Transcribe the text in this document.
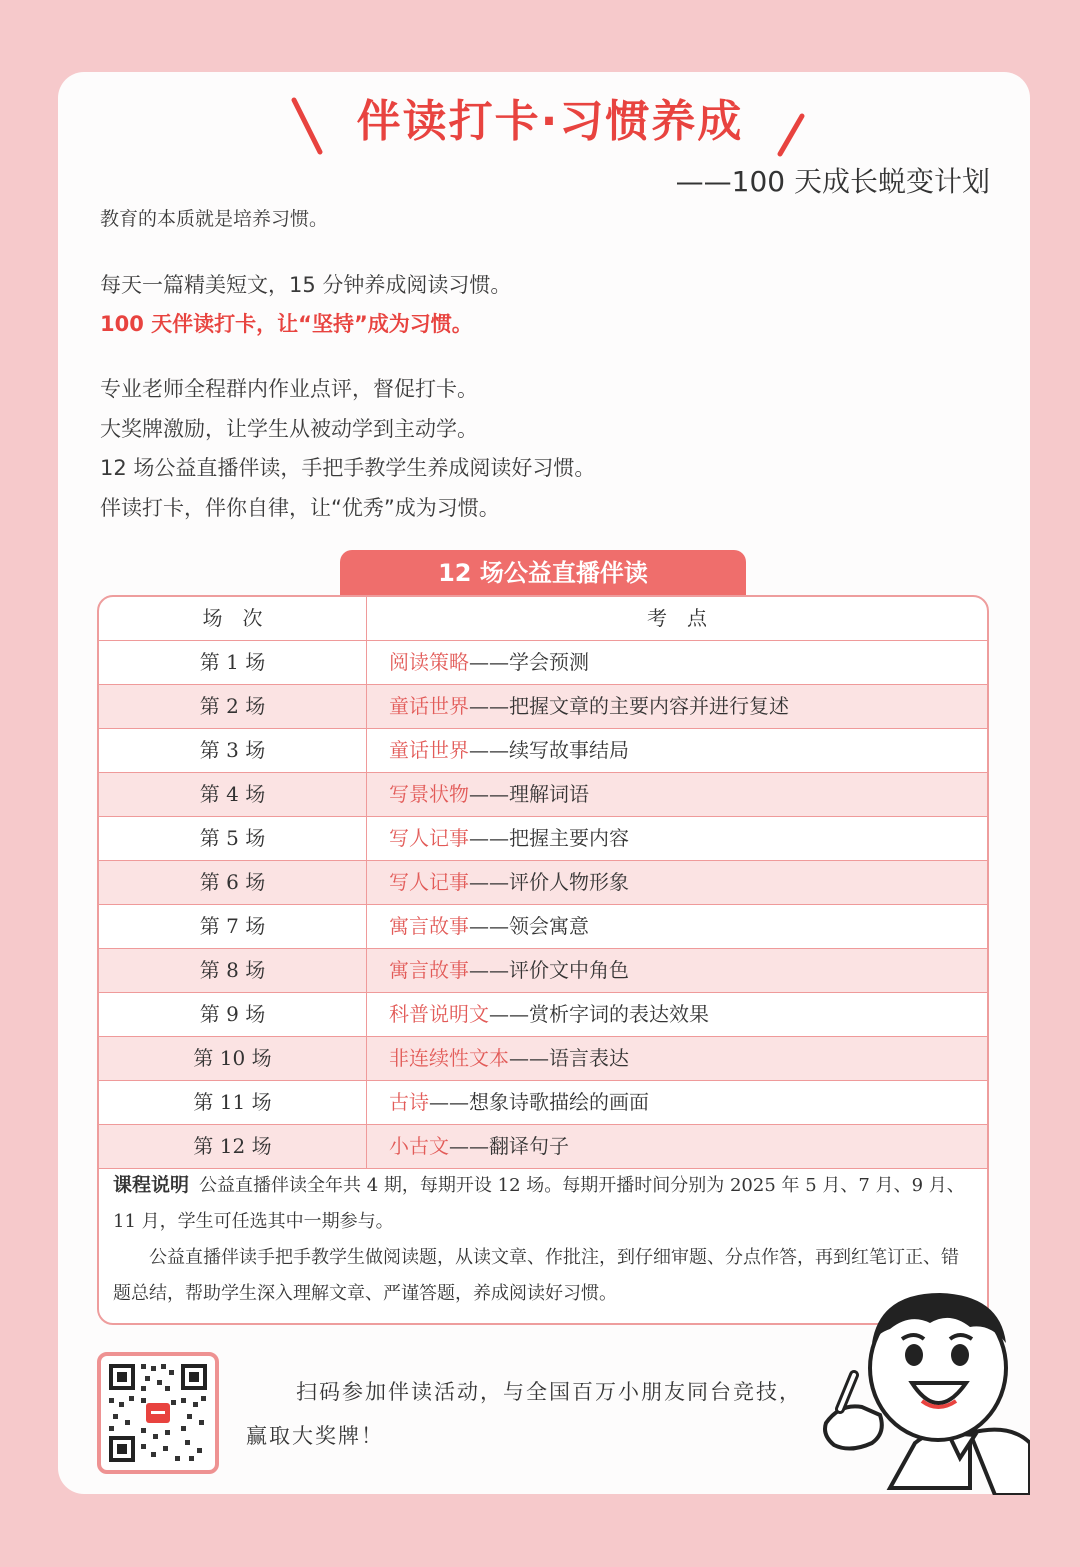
伴读打卡·习惯养成
——100 天成长蜕变计划
教育的本质就是培养习惯。
每天一篇精美短文，15 分钟养成阅读习惯。
100 天伴读打卡，让“坚持”成为习惯。
专业老师全程群内作业点评，督促打卡。
大奖牌激励，让学生从被动学到主动学。
12 场公益直播伴读，手把手教学生养成阅读好习惯。
伴读打卡，伴你自律，让“优秀”成为习惯。
12 场公益直播伴读
场　次	考　点
第 1 场	阅读策略——学会预测
第 2 场	童话世界——把握文章的主要内容并进行复述
第 3 场	童话世界——续写故事结局
第 4 场	写景状物——理解词语
第 5 场	写人记事——把握主要内容
第 6 场	写人记事——评价人物形象
第 7 场	寓言故事——领会寓意
第 8 场	寓言故事——评价文中角色
第 9 场	科普说明文——赏析字词的表达效果
第 10 场	非连续性文本——语言表达
第 11 场	古诗——想象诗歌描绘的画面
第 12 场	小古文——翻译句子
课程说明 公益直播伴读全年共 4 期，每期开设 12 场。每期开播时间分别为 2025 年 5 月、7 月、9 月、11 月，学生可任选其中一期参与。
公益直播伴读手把手教学生做阅读题，从读文章、作批注，到仔细审题、分点作答，再到红笔订正、错题总结，帮助学生深入理解文章、严谨答题，养成阅读好习惯。
扫码参加伴读活动，与全国百万小朋友同台竞技，
赢取大奖牌！
